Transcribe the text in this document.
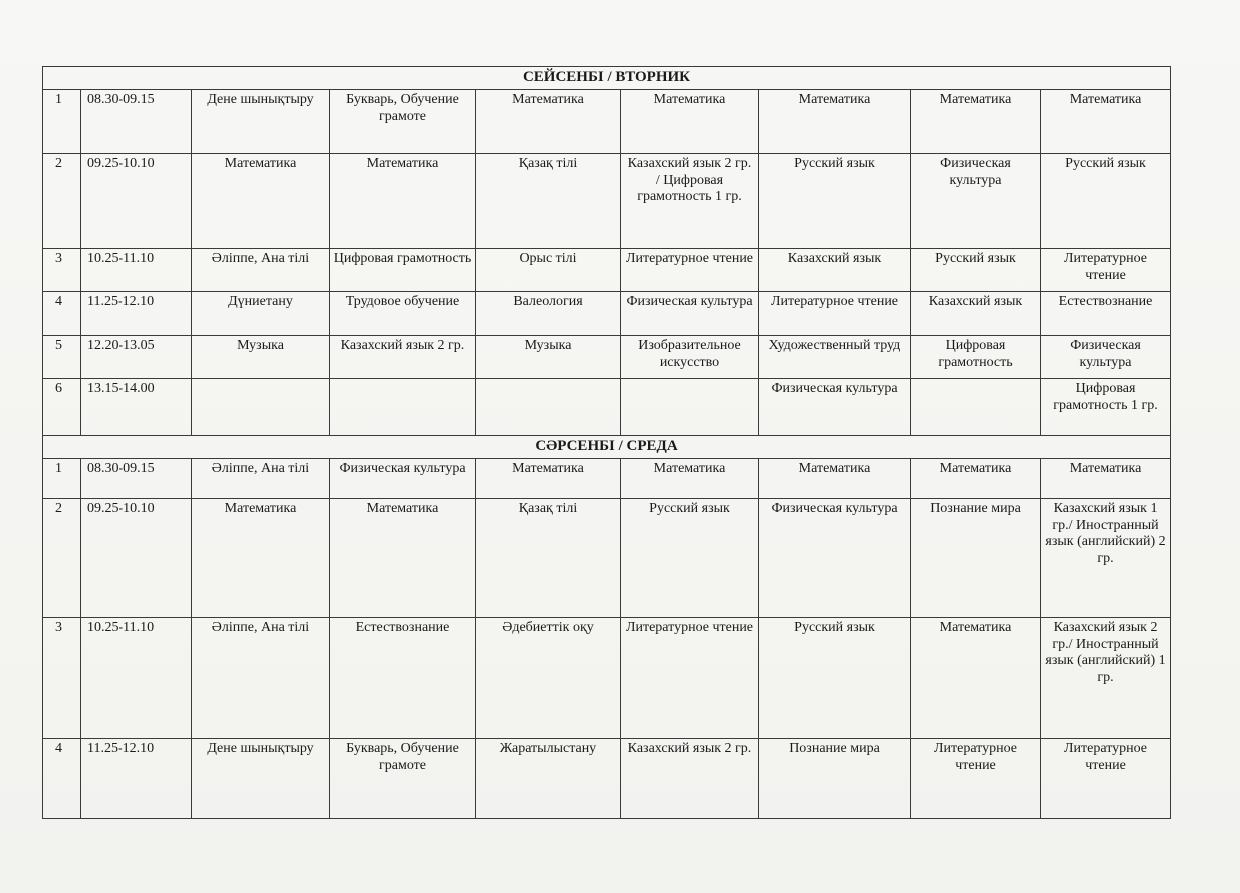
СЕЙСЕНБІ / ВТОРНИК								
1	08.30-09.15	Дене шынықтыру	Букварь, Обучение грамоте	Математика	Математика	Математика	Математика	Математика
2	09.25-10.10	Математика	Математика	Қазақ тілі	Казахский язык 2 гр. / Цифровая грамотность 1 гр.	Русский язык	Физическая культура	Русский язык
3	10.25-11.10	Әліппе, Ана тілі	Цифровая грамотность	Орыс тілі	Литературное чтение	Казахский язык	Русский язык	Литературное чтение
4	11.25-12.10	Дүниетану	Трудовое обучение	Валеология	Физическая культура	Литературное чтение	Казахский язык	Естествознание
5	12.20-13.05	Музыка	Казахский язык 2 гр.	Музыка	Изобразительное искусство	Художественный труд	Цифровая грамотность	Физическая культура
6	13.15-14.00					Физическая культура		Цифровая грамотность 1 гр.
СӘРСЕНБІ / СРЕДА								
1	08.30-09.15	Әліппе, Ана тілі	Физическая культура	Математика	Математика	Математика	Математика	Математика
2	09.25-10.10	Математика	Математика	Қазақ тілі	Русский язык	Физическая культура	Познание мира	Казахский язык 1 гр./ Иностранный язык (английский) 2 гр.
3	10.25-11.10	Әліппе, Ана тілі	Естествознание	Әдебиеттік оқу	Литературное чтение	Русский язык	Математика	Казахский язык 2 гр./ Иностранный язык (английский) 1 гр.
4	11.25-12.10	Дене шынықтыру	Букварь, Обучение грамоте	Жаратылыстану	Казахский язык 2 гр.	Познание мира	Литературное чтение	Литературное чтение
